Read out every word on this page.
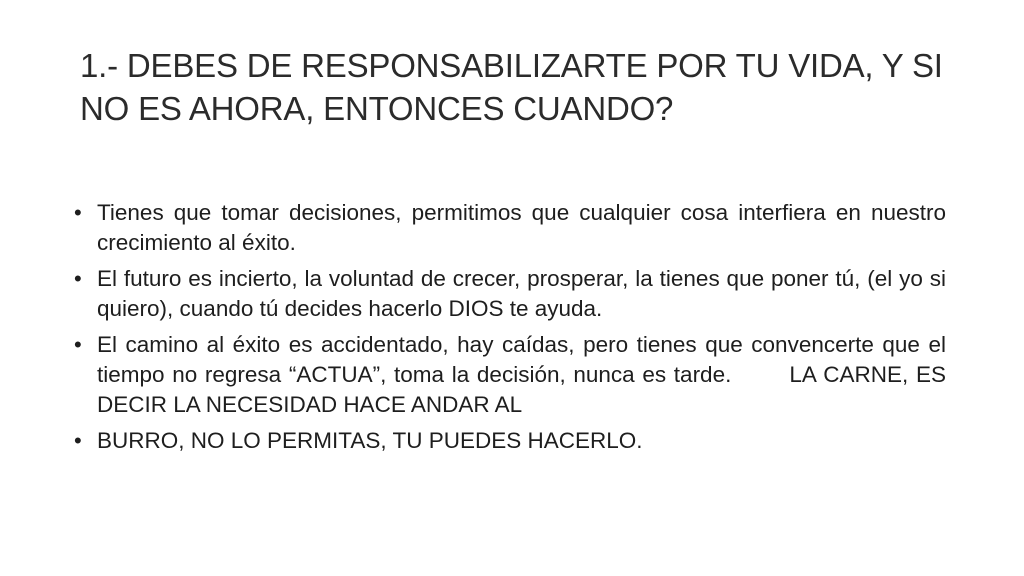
1.- DEBES DE RESPONSABILIZARTE POR TU VIDA, Y SI NO ES AHORA, ENTONCES CUANDO?
• Tienes que tomar decisiones, permitimos que cualquier cosa interfiera en nuestro crecimiento al éxito.
• El futuro es incierto, la voluntad de crecer, prosperar, la tienes que poner tú, (el yo si quiero), cuando tú decides hacerlo DIOS te ayuda.
• El camino al éxito es accidentado, hay caídas, pero tienes que convencerte que el tiempo no regresa “ACTUA”, toma la decisión, nunca es tarde.	LA CARNE, ES DECIR LA NECESIDAD HACE ANDAR AL
• BURRO, NO LO PERMITAS, TU PUEDES HACERLO.
